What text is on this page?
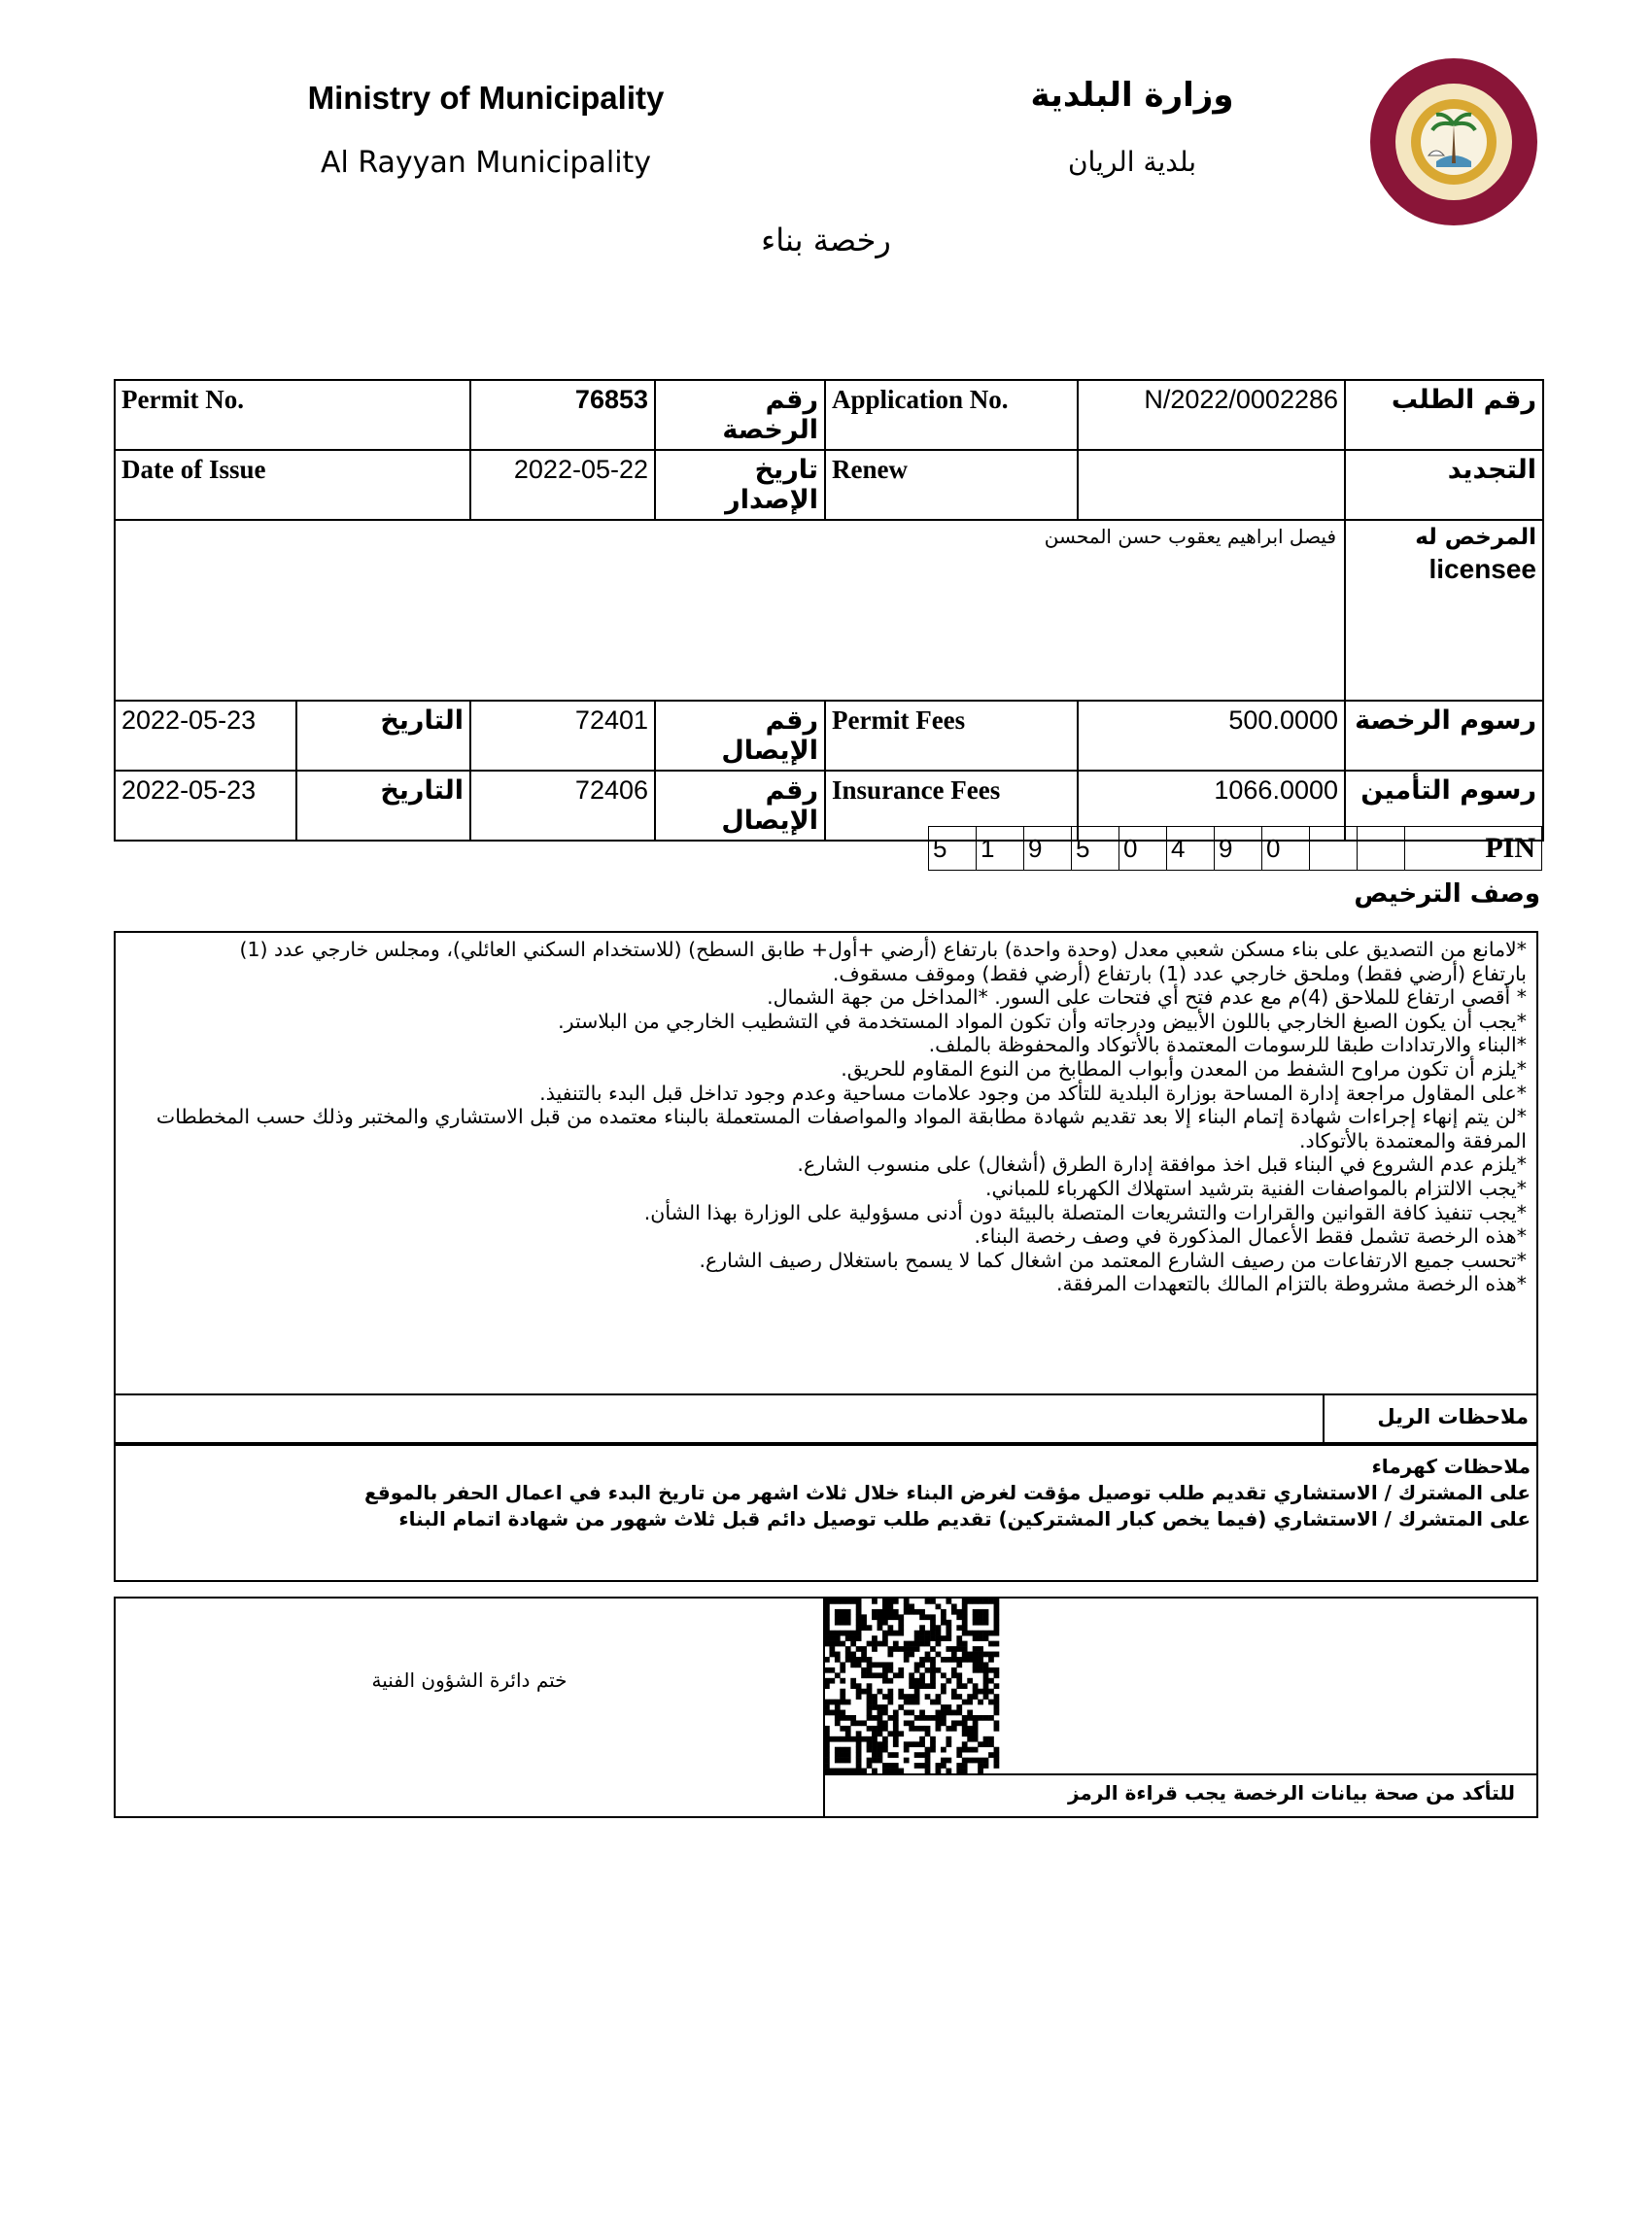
Ministry of Municipality
Al Rayyan Municipality
وزارة البلدية
بلدية الريان
رخصة بناء
Permit No.		76853	رقم الرخصة	Application No.	N/2022/0002286	رقم الطلب
Date of Issue		2022-05-22	تاريخ الإصدار	Renew		التجديد
فيصل ابراهيم يعقوب حسن المحسن						المرخص له
licensee

2022-05-23	التاريخ	72401	رقم الإيصال	Permit Fees	500.0000	رسوم الرخصة
2022-05-23	التاريخ	72406	رقم الإيصال	Insurance Fees	1066.0000	رسوم التأمين
5	1	9	5	0	4	9	0	PIN
وصف الترخيص
*لامانع من التصديق على بناء مسكن شعبي معدل (وحدة واحدة) بارتفاع (أرضي +أول+ طابق السطح) (للاستخدام السكني العائلي)، ومجلس خارجي عدد (1)
بارتفاع (أرضي فقط) وملحق خارجي عدد (1) بارتفاع (أرضي فقط) وموقف مسقوف.
* أقصى ارتفاع للملاحق (4)م مع عدم فتح أي فتحات على السور. *المداخل من جهة الشمال.
*يجب أن يكون الصبغ الخارجي باللون الأبيض ودرجاته وأن تكون المواد المستخدمة في التشطيب الخارجي من البلاستر.
*البناء والارتدادات طبقا للرسومات المعتمدة بالأتوكاد والمحفوظة بالملف.
*يلزم أن تكون مراوح الشفط من المعدن وأبواب المطابخ من النوع المقاوم للحريق.
*على المقاول مراجعة إدارة المساحة بوزارة البلدية للتأكد من وجود علامات مساحية وعدم وجود تداخل قبل البدء بالتنفيذ.
*لن يتم إنهاء إجراءات شهادة إتمام البناء إلا بعد تقديم شهادة مطابقة المواد والمواصفات المستعملة بالبناء معتمده من قبل الاستشاري والمختبر وذلك حسب المخططات
المرفقة والمعتمدة بالأتوكاد.
*يلزم عدم الشروع في البناء قبل اخذ موافقة إدارة الطرق (أشغال) على منسوب الشارع.
*يجب الالتزام بالمواصفات الفنية بترشيد استهلاك الكهرباء للمباني.
*يجب تنفيذ كافة القوانين والقرارات والتشريعات المتصلة بالبيئة دون أدنى مسؤولية على الوزارة بهذا الشأن.
*هذه الرخصة تشمل فقط الأعمال المذكورة في وصف رخصة البناء.
*تحسب جميع الارتفاعات من رصيف الشارع المعتمد من اشغال كما لا يسمح باستغلال رصيف الشارع.
*هذه الرخصة مشروطة بالتزام المالك بالتعهدات المرفقة.
ملاحظات الريل
ملاحظات كهرماء
على المشترك / الاستشاري تقديم طلب توصيل مؤقت لغرض البناء خلال ثلاث اشهر من تاريخ البدء في اعمال الحفر بالموقع
على المتشرك / الاستشاري (فيما يخص كبار المشتركين) تقديم طلب توصيل دائم قبل ثلاث شهور من شهادة اتمام البناء
ختم دائرة الشؤون الفنية
للتأكد من صحة بيانات الرخصة يجب قراءة الرمز
